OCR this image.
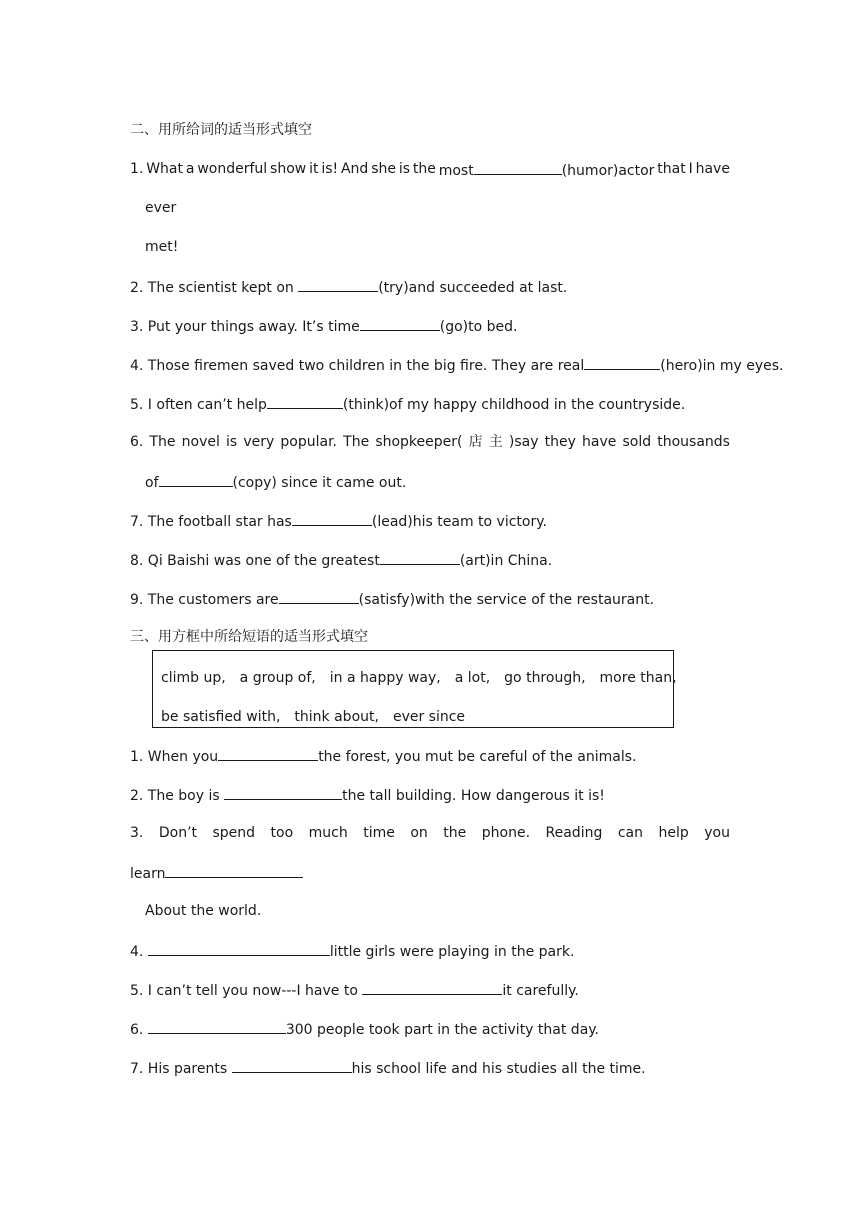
二、用所给词的适当形式填空
1. What a wonderful show it is! And she is the most	(humor)actor that I have
ever
met!
2. The scientist kept on	(try)and succeeded at last.
3. Put your things away. It’s time	(go)to bed.
4. Those firemen saved two children in the big fire. They are real	(hero)in my eyes.
5. I often can’t help	(think)of my happy childhood in the countryside.
6. The novel is very popular. The shopkeeper( 店 主 )say they have sold thousands
of	(copy) since it came out.
7. The football star has	(lead)his team to victory.
8. Qi Baishi was one of the greatest	(art)in China.
9. The customers are	(satisfy)with the service of the restaurant.
三、用方框中所给短语的适当形式填空
climb up, a group of, in a happy way, a lot, go through, more than,
be satisfied with, think about, ever since
1. When you	the forest, you mut be careful of the animals.
2. The boy is	the tall building. How dangerous it is!
3. Don’t spend too much time on the phone. Reading can help you
learn
About the world.
4.	little girls were playing in the park.
5. I can’t tell you now---I have to	it carefully.
6.	300 people took part in the activity that day.
7. His parents	his school life and his studies all the time.
